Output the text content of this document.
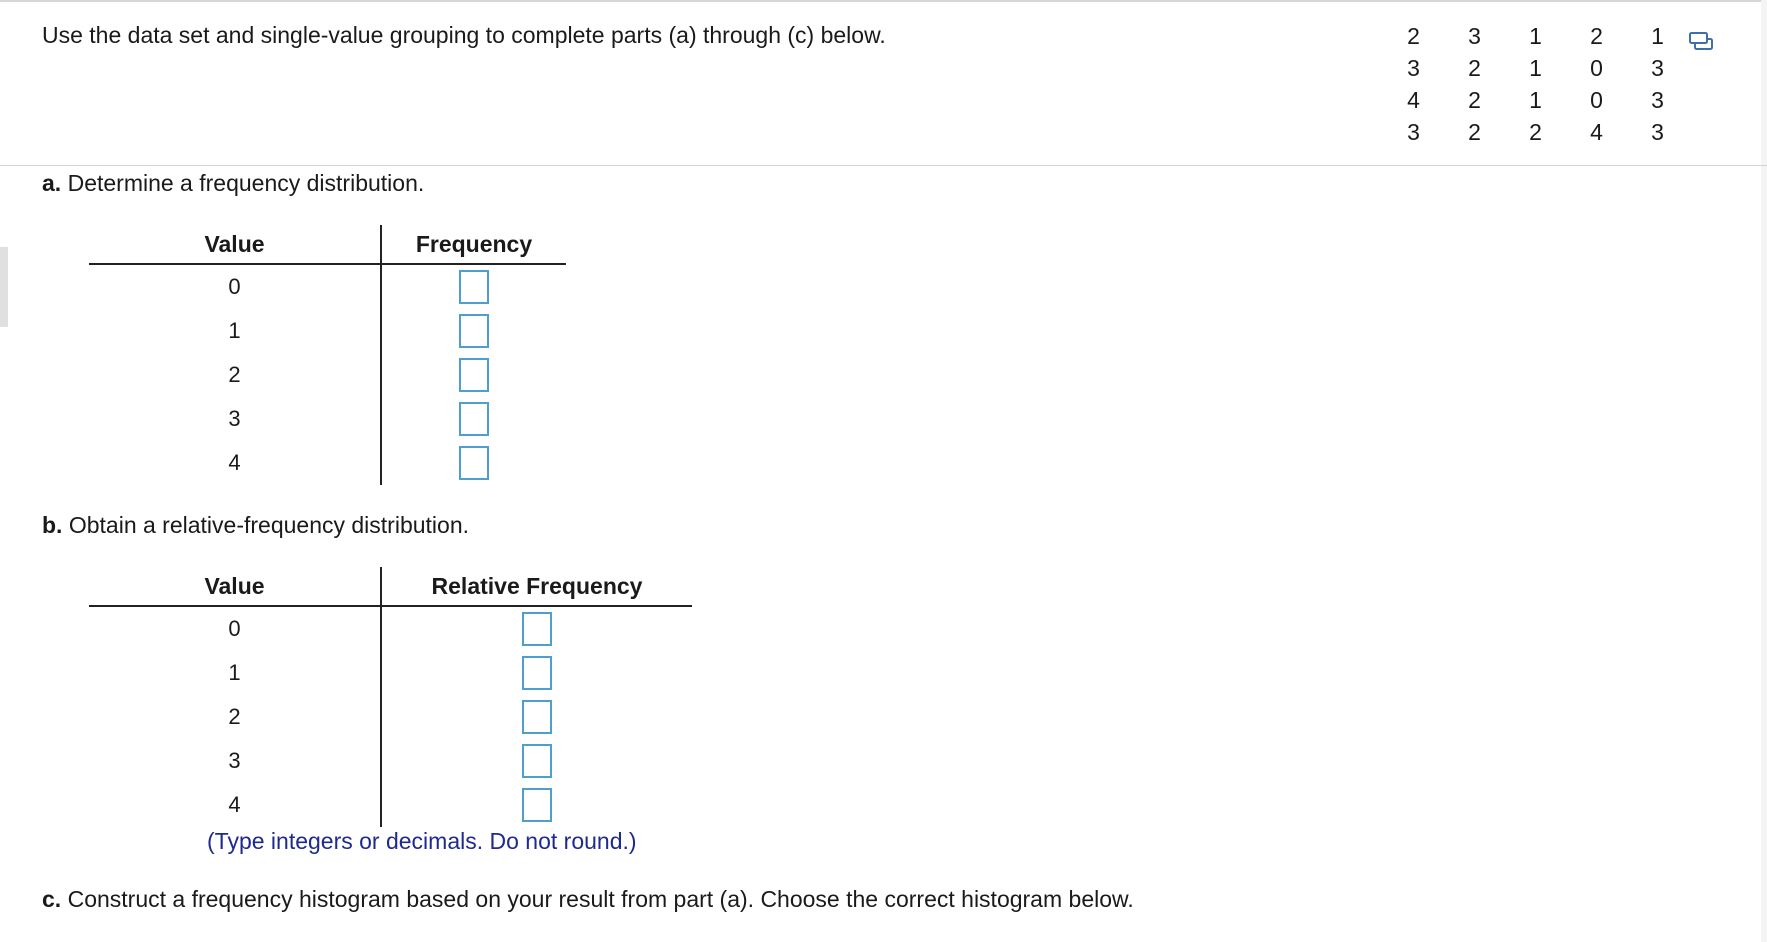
Use the data set and single-value grouping to complete parts (a) through (c) below.	2	3	1	2	1
3	2	1	0	3
4	2	1	0	3
3	2	2	4	3
a. Determine a frequency distribution.
Value	Frequency
0
1
2
3
4
b. Obtain a relative-frequency distribution.
Value	Relative Frequency
0
1
2
3
4

(Type integers or decimals. Do not round.)

c. Construct a frequency histogram based on your result from part (a). Choose the correct histogram below.
